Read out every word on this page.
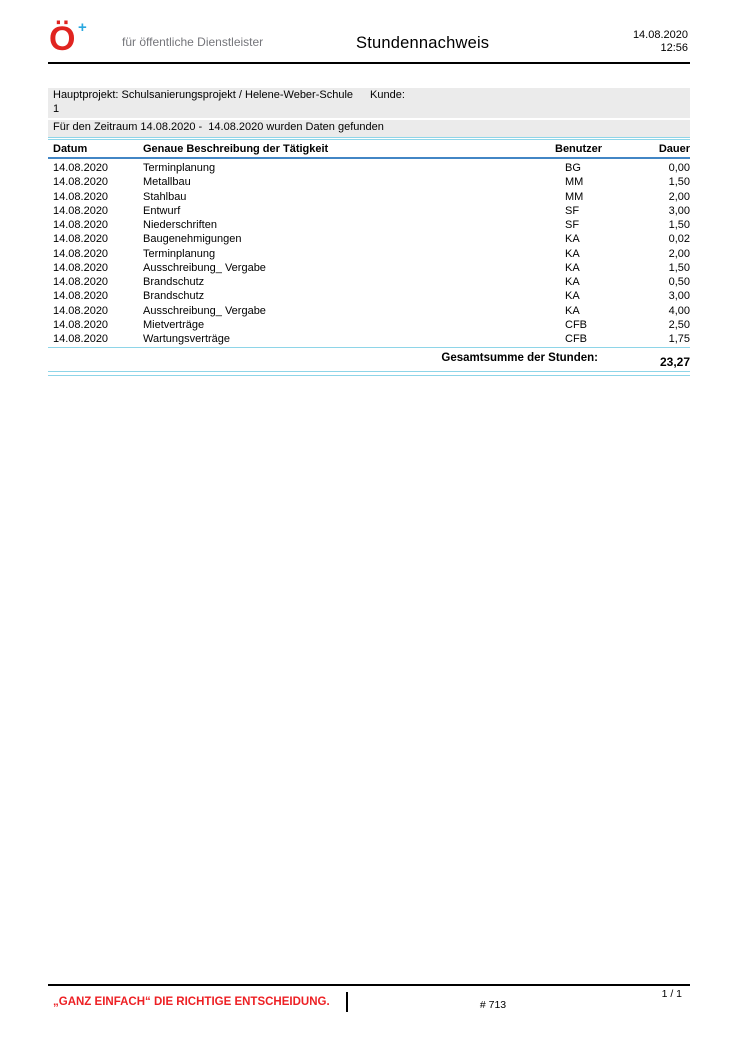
Ö +
für öffentliche Dienstleister	Stundennachweis	14.08.2020
12:56
Hauptprojekt: Schulsanierungsprojekt / Helene-Weber-Schule Kunde:
1
Für den Zeitraum 14.08.2020 -  14.08.2020 wurden Daten gefunden
Datum	Genaue Beschreibung der Tätigkeit	Benutzer	Dauer
14.08.2020	Terminplanung	BG	0,00
14.08.2020	Metallbau	MM	1,50
14.08.2020	Stahlbau	MM	2,00
14.08.2020	Entwurf	SF	3,00
14.08.2020	Niederschriften	SF	1,50
14.08.2020	Baugenehmigungen	KA	0,02
14.08.2020	Terminplanung	KA	2,00
14.08.2020	Ausschreibung_ Vergabe	KA	1,50
14.08.2020	Brandschutz	KA	0,50
14.08.2020	Brandschutz	KA	3,00
14.08.2020	Ausschreibung_ Vergabe	KA	4,00
14.08.2020	Mietverträge	CFB	2,50
14.08.2020	Wartungsverträge	CFB	1,75
Gesamtsumme der Stunden:	23,27
„GANZ EINFACH“ DIE RICHTIGE ENTSCHEIDUNG.	# 713
1 / 1
